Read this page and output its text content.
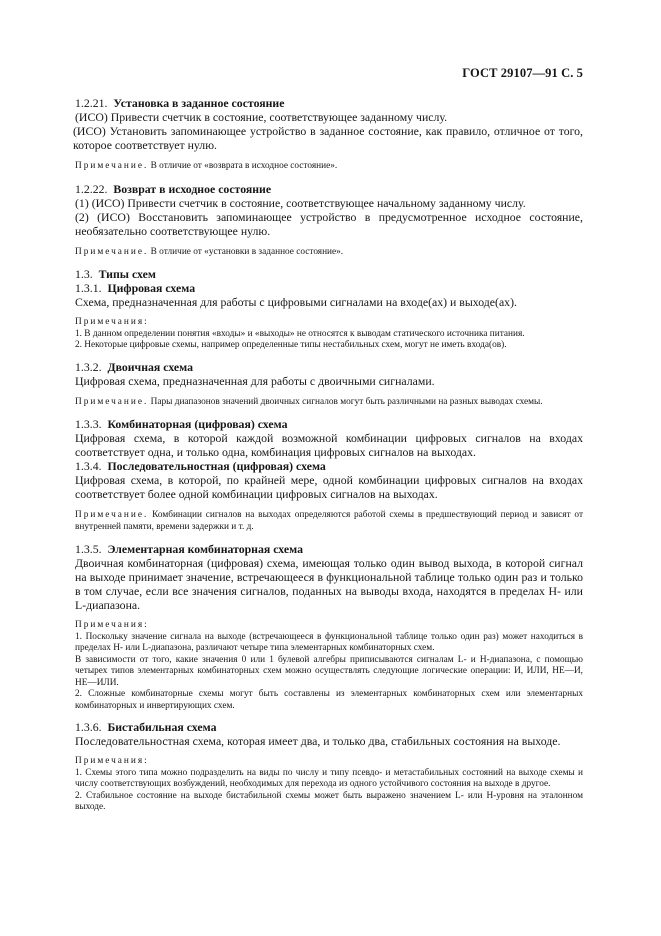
ГОСТ 29107—91 С. 5

1.2.21. Установка в заданное состояние

(ИСО) Привести счетчик в состояние, соответствующее заданному числу.

(ИСО) Установить запоминающее устройство в заданное состояние, как правило, отличное от того, которое соответствует нулю.

Примечание. В отличие от «возврата в исходное состояние».

1.2.22. Возврат в исходное состояние

(1) (ИСО) Привести счетчик в состояние, соответствующее начальному заданному числу.

(2) (ИСО) Восстановить запоминающее устройство в предусмотренное исходное состояние, необязательно соответствующее нулю.

Примечание. В отличие от «установки в заданное состояние».

1.3. Типы схем

1.3.1. Цифровая схема

Схема, предназначенная для работы с цифровыми сигналами на входе(ах) и выходе(ах).

Примечания:

1. В данном определении понятия «входы» и «выходы» не относятся к выводам статического источника питания.

2. Некоторые цифровые схемы, например определенные типы нестабильных схем, могут не иметь входа(ов).

1.3.2. Двоичная схема

Цифровая схема, предназначенная для работы с двоичными сигналами.

Примечание. Пары диапазонов значений двоичных сигналов могут быть различными на разных выводах схемы.

1.3.3. Комбинаторная (цифровая) схема

Цифровая схема, в которой каждой возможной комбинации цифровых сигналов на входах соответствует одна, и только одна, комбинация цифровых сигналов на выходах.

1.3.4. Последовательностная (цифровая) схема

Цифровая схема, в которой, по крайней мере, одной комбинации цифровых сигналов на входах соответствует более одной комбинации цифровых сигналов на выходах.

Примечание. Комбинации сигналов на выходах определяются работой схемы в предшествующий период и зависят от внутренней памяти, времени задержки и т. д.

1.3.5. Элементарная комбинаторная схема

Двоичная комбинаторная (цифровая) схема, имеющая только один вывод выхода, в которой сигнал на выходе принимает значение, встречающееся в функциональной таблице только один раз и только в том случае, если все значения сигналов, поданных на выводы входа, находятся в пределах Н- или L-диапазона.

Примечания:

1. Поскольку значение сигнала на выходе (встречающееся в функциональной таблице только один раз) может находиться в пределах Н- или L-диапазона, различают четыре типа элементарных комбинаторных схем.

В зависимости от того, какие значения 0 или 1 булевой алгебры приписываются сигналам L- и Н-диапазона, с помощью четырех типов элементарных комбинаторных схем можно осуществлять следующие логические операции: И, ИЛИ, НЕ—И, НЕ—ИЛИ.

2. Сложные комбинаторные схемы могут быть составлены из элементарных комбинаторных схем или элементарных комбинаторных и инвертирующих схем.

1.3.6. Бистабильная схема

Последовательностная схема, которая имеет два, и только два, стабильных состояния на выходе.

Примечания:

1. Схемы этого типа можно подразделить на виды по числу и типу псевдо- и метастабильных состояний на выходе схемы и числу соответствующих возбуждений, необходимых для перехода из одного устойчивого состояния на выходе в другое.

2. Стабильное состояние на выходе бистабильной схемы может быть выражено значением L- или Н-уровня на эталонном выходе.
